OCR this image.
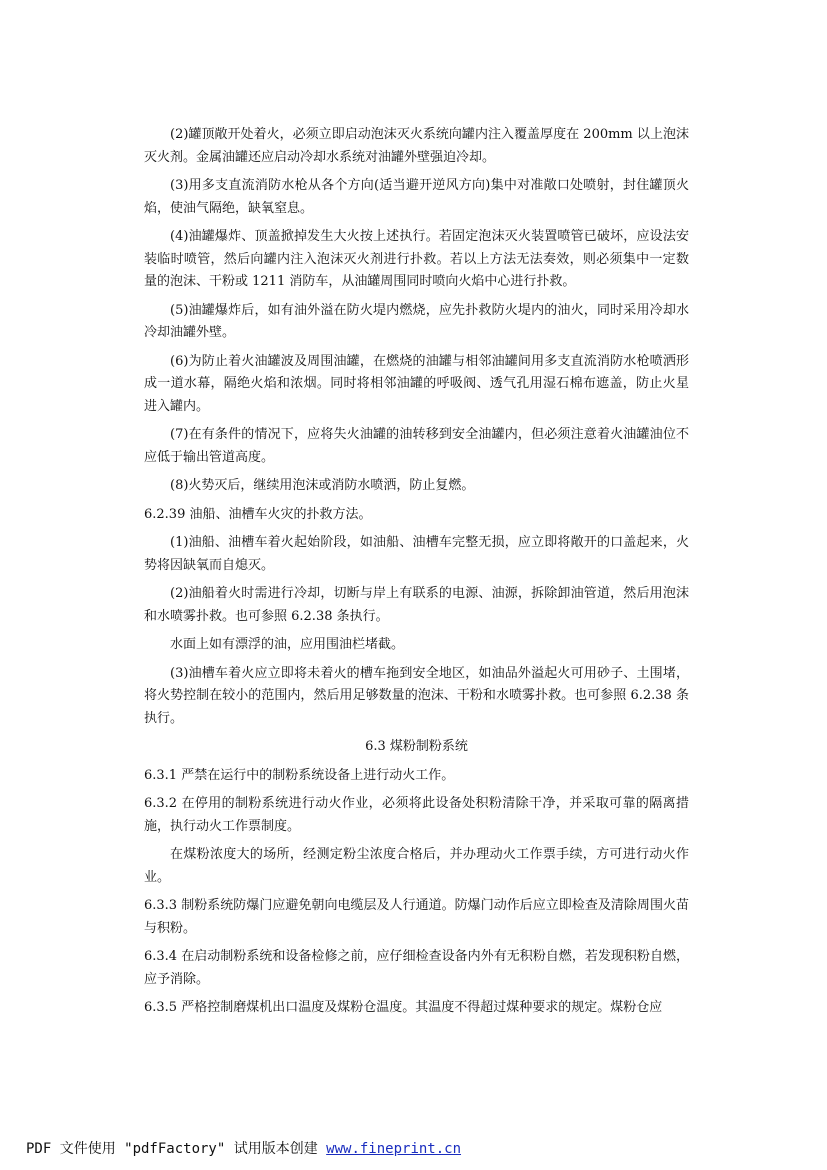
(2)罐顶敞开处着火，必须立即启动泡沫灭火系统向罐内注入覆盖厚度在 200mm 以上泡沫灭火剂。金属油罐还应启动冷却水系统对油罐外壁强迫冷却。

(3)用多支直流消防水枪从各个方向(适当避开逆风方向)集中对准敞口处喷射，封住罐顶火焰，使油气隔绝，缺氧窒息。

(4)油罐爆炸、顶盖掀掉发生大火按上述执行。若固定泡沫灭火装置喷管已破坏，应设法安装临时喷管，然后向罐内注入泡沫灭火剂进行扑救。若以上方法无法奏效，则必须集中一定数量的泡沫、干粉或 1211 消防车，从油罐周围同时喷向火焰中心进行扑救。

(5)油罐爆炸后，如有油外溢在防火堤内燃烧，应先扑救防火堤内的油火，同时采用冷却水冷却油罐外壁。

(6)为防止着火油罐波及周围油罐，在燃烧的油罐与相邻油罐间用多支直流消防水枪喷洒形成一道水幕，隔绝火焰和浓烟。同时将相邻油罐的呼吸阀、透气孔用湿石棉布遮盖，防止火星进入罐内。

(7)在有条件的情况下，应将失火油罐的油转移到安全油罐内，但必须注意着火油罐油位不应低于输出管道高度。

(8)火势灭后，继续用泡沫或消防水喷洒，防止复燃。

6.2.39 油船、油槽车火灾的扑救方法。

(1)油船、油槽车着火起始阶段，如油船、油槽车完整无损，应立即将敞开的口盖起来，火势将因缺氧而自熄灭。

(2)油船着火时需进行冷却，切断与岸上有联系的电源、油源，拆除卸油管道，然后用泡沫和水喷雾扑救。也可参照 6.2.38 条执行。

水面上如有漂浮的油，应用围油栏堵截。

(3)油槽车着火应立即将未着火的槽车拖到安全地区，如油品外溢起火可用砂子、土围堵，将火势控制在较小的范围内，然后用足够数量的泡沫、干粉和水喷雾扑救。也可参照 6.2.38 条执行。

6.3 煤粉制粉系统

6.3.1 严禁在运行中的制粉系统设备上进行动火工作。

6.3.2 在停用的制粉系统进行动火作业，必须将此设备处积粉清除干净，并采取可靠的隔离措施，执行动火工作票制度。

在煤粉浓度大的场所，经测定粉尘浓度合格后，并办理动火工作票手续，方可进行动火作业。

6.3.3 制粉系统防爆门应避免朝向电缆层及人行通道。防爆门动作后应立即检查及清除周围火苗与积粉。

6.3.4 在启动制粉系统和设备检修之前，应仔细检查设备内外有无积粉自燃，若发现积粉自燃，应予消除。

6.3.5 严格控制磨煤机出口温度及煤粉仓温度。其温度不得超过煤种要求的规定。煤粉仓应

PDF 文件使用 "pdfFactory" 试用版本创建 www.fineprint.cn
